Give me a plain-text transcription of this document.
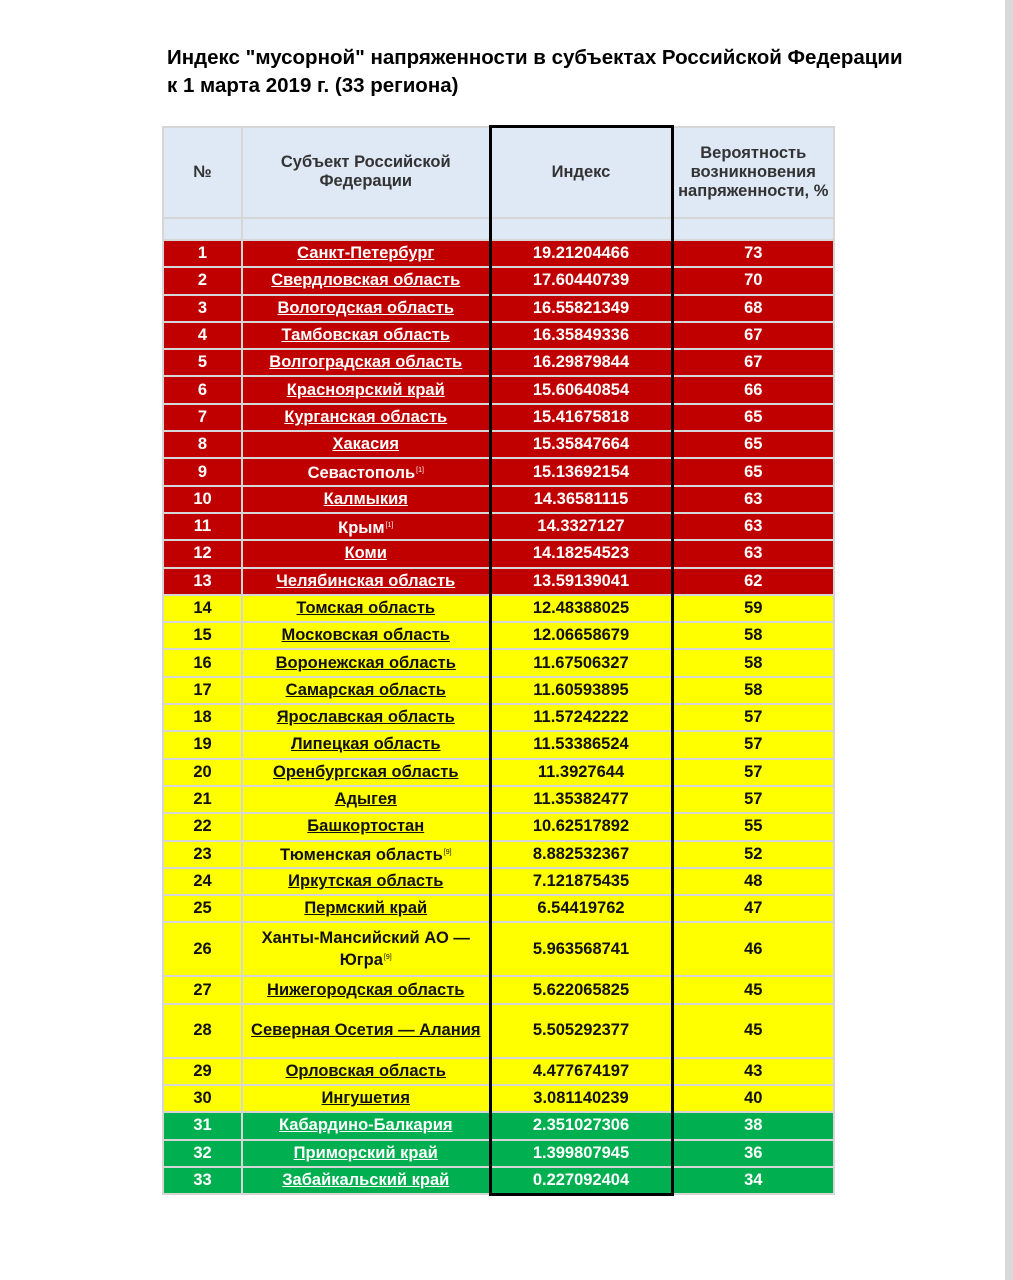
Индекс "мусорной" напряженности в субъектах Российской Федерации
к 1 марта 2019 г. (33 региона)
№	Субъект Российской Федерации	Индекс	Вероятность возникновения напряженности, %

1	Санкт-Петербург	19.21204466	73
2	Свердловская область	17.60440739	70
3	Вологодская область	16.55821349	68
4	Тамбовская область	16.35849336	67
5	Волгоградская область	16.29879844	67
6	Красноярский край	15.60640854	66
7	Курганская область	15.41675818	65
8	Хакасия	15.35847664	65
9	Севастополь[1]	15.13692154	65
10	Калмыкия	14.36581115	63
11	Крым[1]	14.3327127	63
12	Коми	14.18254523	63
13	Челябинская область	13.59139041	62
14	Томская область	12.48388025	59
15	Московская область	12.06658679	58
16	Воронежская область	11.67506327	58
17	Самарская область	11.60593895	58
18	Ярославская область	11.57242222	57
19	Липецкая область	11.53386524	57
20	Оренбургская область	11.3927644	57
21	Адыгея	11.35382477	57
22	Башкортостан	10.62517892	55
23	Тюменская область[9]	8.882532367	52
24	Иркутская область	7.121875435	48
25	Пермский край	6.54419762	47
26	Ханты-Мансийский АО — Югра[9]	5.963568741	46
27	Нижегородская область	5.622065825	45
28	Северная Осетия — Алания	5.505292377	45
29	Орловская область	4.477674197	43
30	Ингушетия	3.081140239	40
31	Кабардино-Балкария	2.351027306	38
32	Приморский край	1.399807945	36
33	Забайкальский край	0.227092404	34
